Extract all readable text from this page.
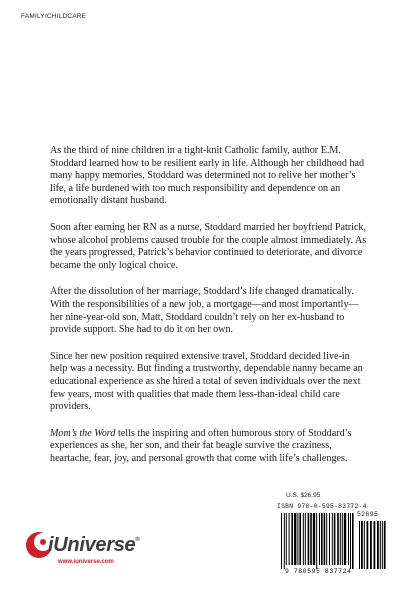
FAMILY/CHILDCARE

As the third of nine children in a tight-knit Catholic family, author E.M. Stoddard learned how to be resilient early in life. Although her childhood had many happy memories, Stoddard was determined not to relive her mother’s life, a life burdened with too much responsibility and dependence on an emotionally distant husband.

Soon after earning her RN as a nurse, Stoddard married her boyfriend Patrick, whose alcohol problems caused trouble for the couple almost immediately. As the years progressed, Patrick’s behavior continued to deteriorate, and divorce became the only logical choice.

After the dissolution of her marriage, Stoddard’s life changed dramatically. With the responsibilities of a new job, a mortgage—and most importantly—her nine-year-old son, Matt, Stoddard couldn’t rely on her ex-husband to provide support. She had to do it on her own.

Since her new position required extensive travel, Stoddard decided live-in help was a necessity. But finding a trustworthy, dependable nanny became an educational experience as she hired a total of seven individuals over the next few years, most with qualities that made them less-than-ideal child care providers.

Mom’s the Word tells the inspiring and often humorous story of Stoddard’s experiences as she, her son, and their fat beagle survive the craziness, heartache, fear, joy, and personal growth that come with life’s challenges.

U.S. $26.95
ISBN 978-0-595-83772-4
52695
9 780595 837724
iUniverse®
www.iuniverse.com
